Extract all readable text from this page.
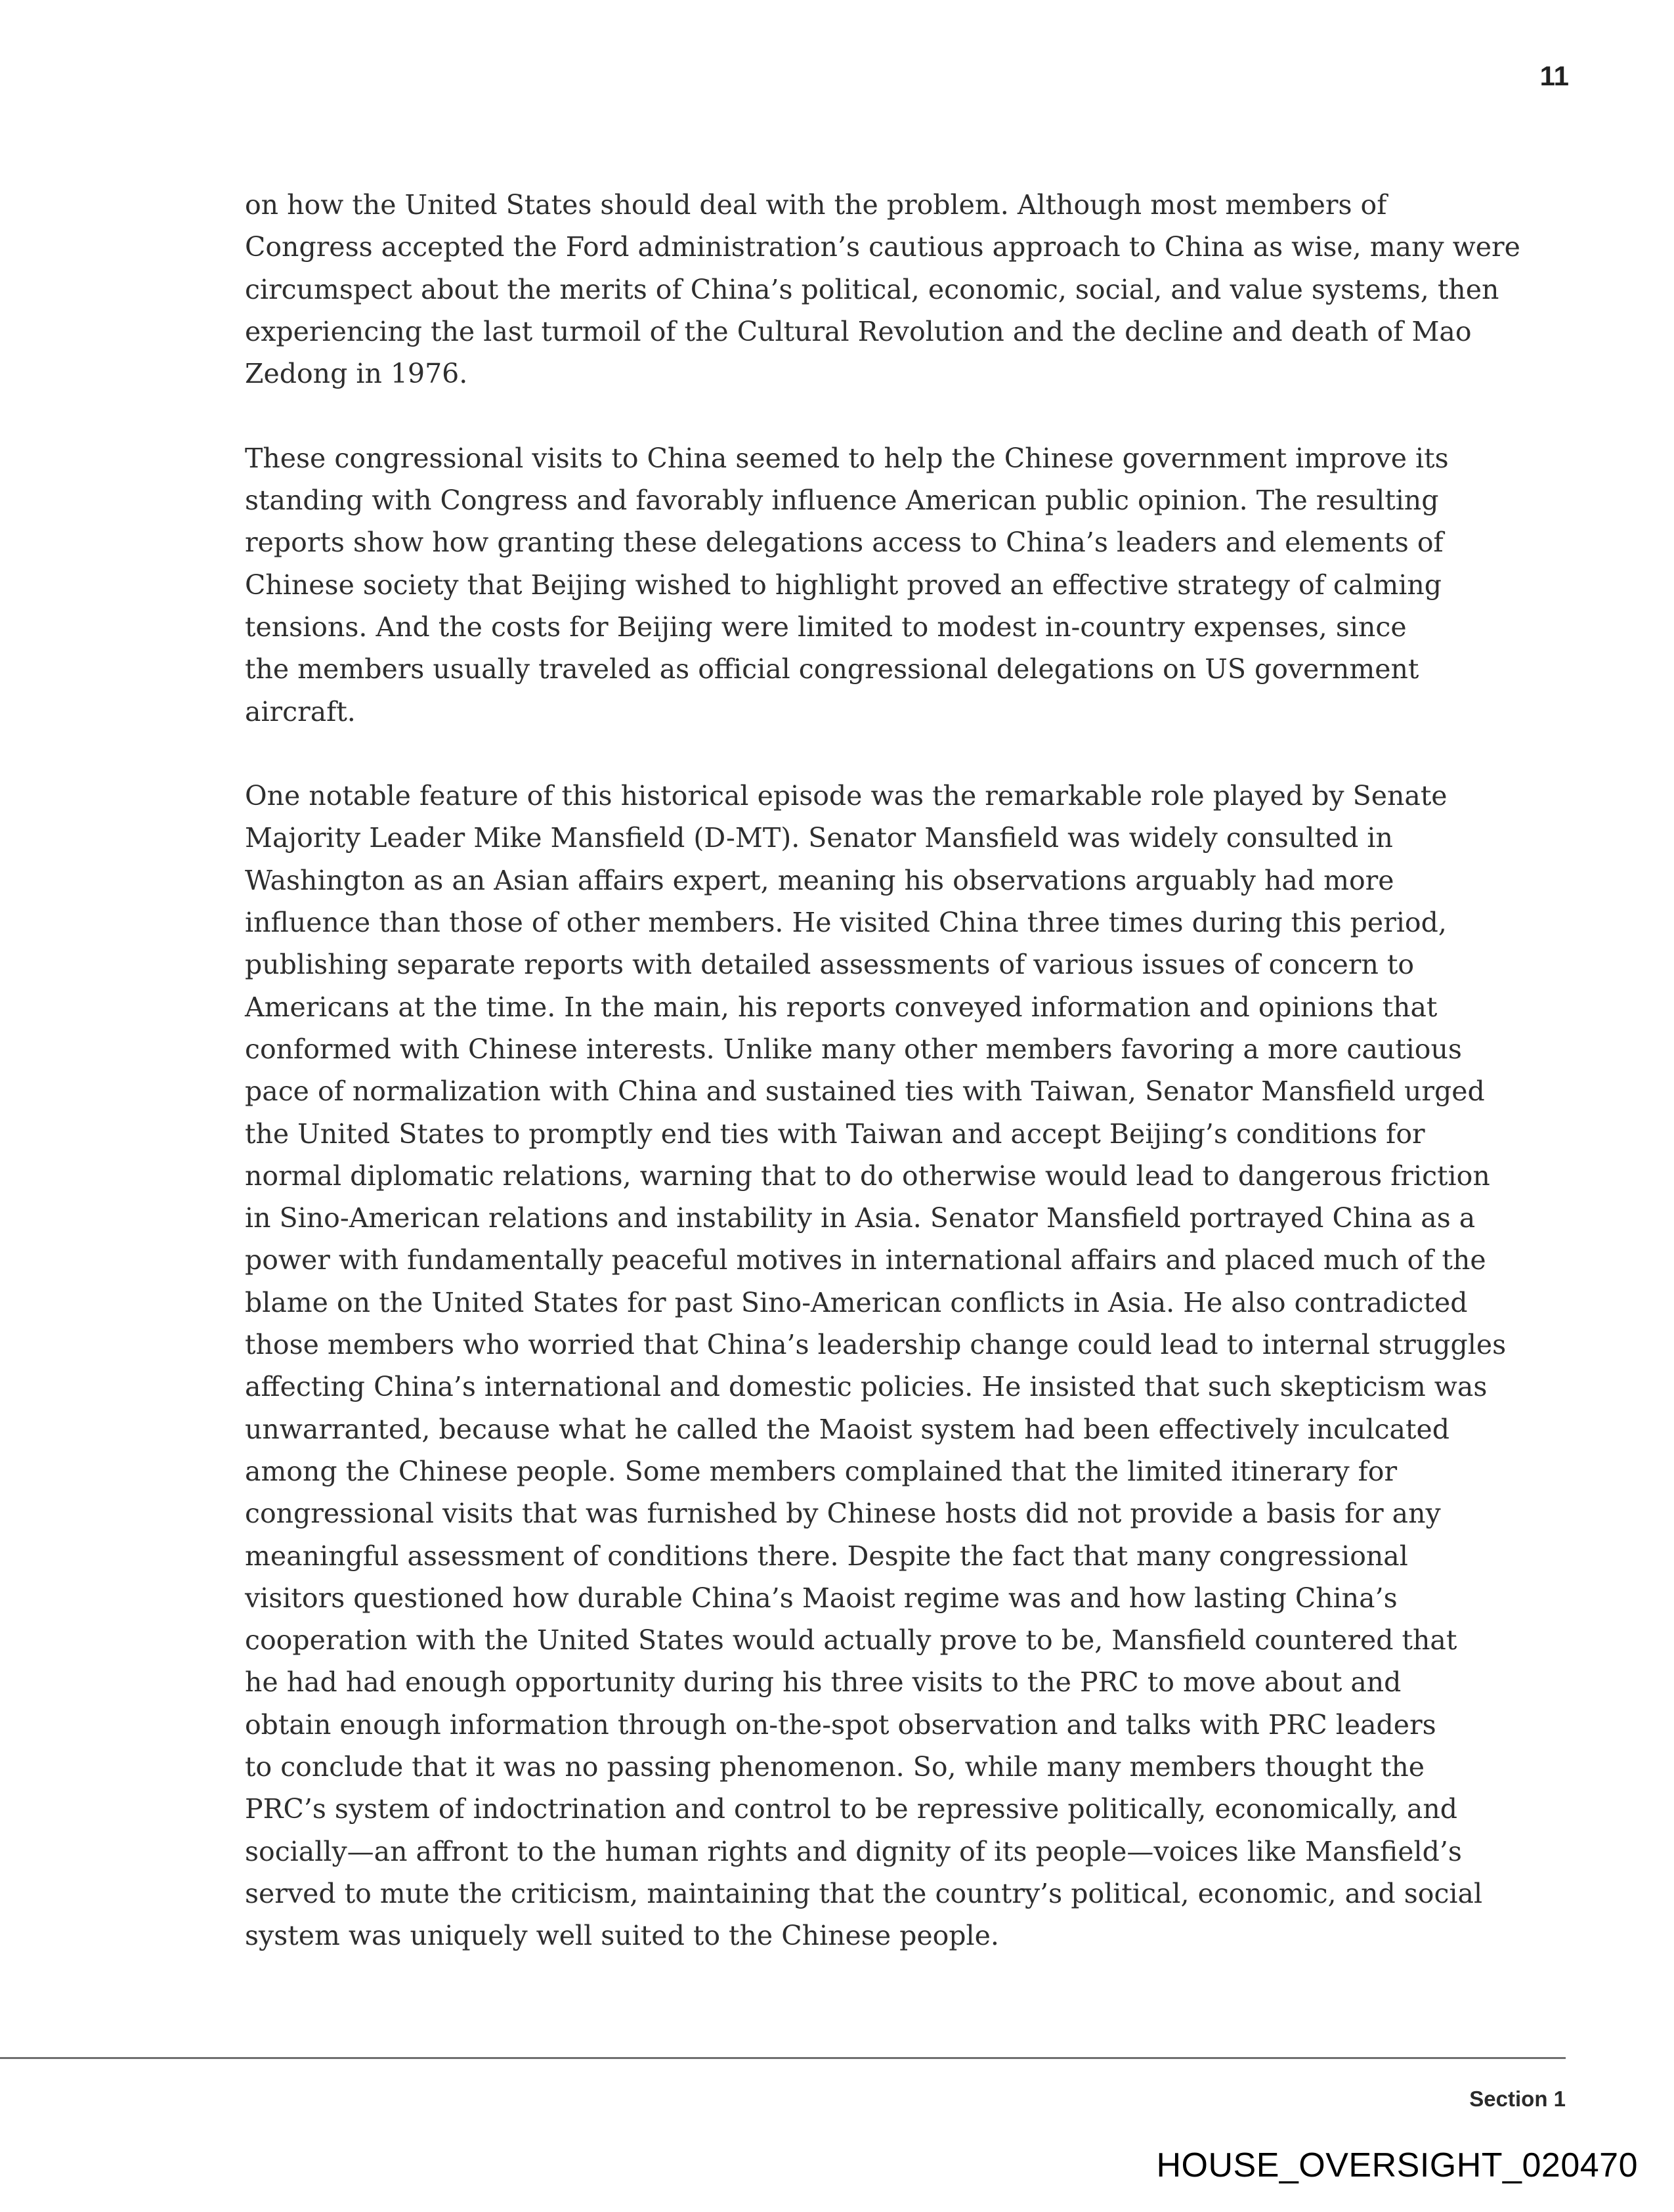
11

on how the United States should deal with the problem. Although most members of
Congress accepted the Ford administration’s cautious approach to China as wise, many were
circumspect about the merits of China’s political, economic, social, and value systems, then
experiencing the last turmoil of the Cultural Revolution and the decline and death of Mao
Zedong in 1976.

These congressional visits to China seemed to help the Chinese government improve its
standing with Congress and favorably influence American public opinion. The resulting
reports show how granting these delegations access to China’s leaders and elements of
Chinese society that Beijing wished to highlight proved an effective strategy of calming
tensions. And the costs for Beijing were limited to modest in-country expenses, since
the members usually traveled as official congressional delegations on US government
aircraft.

One notable feature of this historical episode was the remarkable role played by Senate
Majority Leader Mike Mansfield (D-MT). Senator Mansfield was widely consulted in
Washington as an Asian affairs expert, meaning his observations arguably had more
influence than those of other members. He visited China three times during this period,
publishing separate reports with detailed assessments of various issues of concern to
Americans at the time. In the main, his reports conveyed information and opinions that
conformed with Chinese interests. Unlike many other members favoring a more cautious
pace of normalization with China and sustained ties with Taiwan, Senator Mansfield urged
the United States to promptly end ties with Taiwan and accept Beijing’s conditions for
normal diplomatic relations, warning that to do otherwise would lead to dangerous friction
in Sino-American relations and instability in Asia. Senator Mansfield portrayed China as a
power with fundamentally peaceful motives in international affairs and placed much of the
blame on the United States for past Sino-American conflicts in Asia. He also contradicted
those members who worried that China’s leadership change could lead to internal struggles
affecting China’s international and domestic policies. He insisted that such skepticism was
unwarranted, because what he called the Maoist system had been effectively inculcated
among the Chinese people. Some members complained that the limited itinerary for
congressional visits that was furnished by Chinese hosts did not provide a basis for any
meaningful assessment of conditions there. Despite the fact that many congressional
visitors questioned how durable China’s Maoist regime was and how lasting China’s
cooperation with the United States would actually prove to be, Mansfield countered that
he had had enough opportunity during his three visits to the PRC to move about and
obtain enough information through on-the-spot observation and talks with PRC leaders
to conclude that it was no passing phenomenon. So, while many members thought the
PRC’s system of indoctrination and control to be repressive politically, economically, and
socially—an affront to the human rights and dignity of its people—voices like Mansfield’s
served to mute the criticism, maintaining that the country’s political, economic, and social
system was uniquely well suited to the Chinese people.

Section 1
HOUSE_OVERSIGHT_020470
